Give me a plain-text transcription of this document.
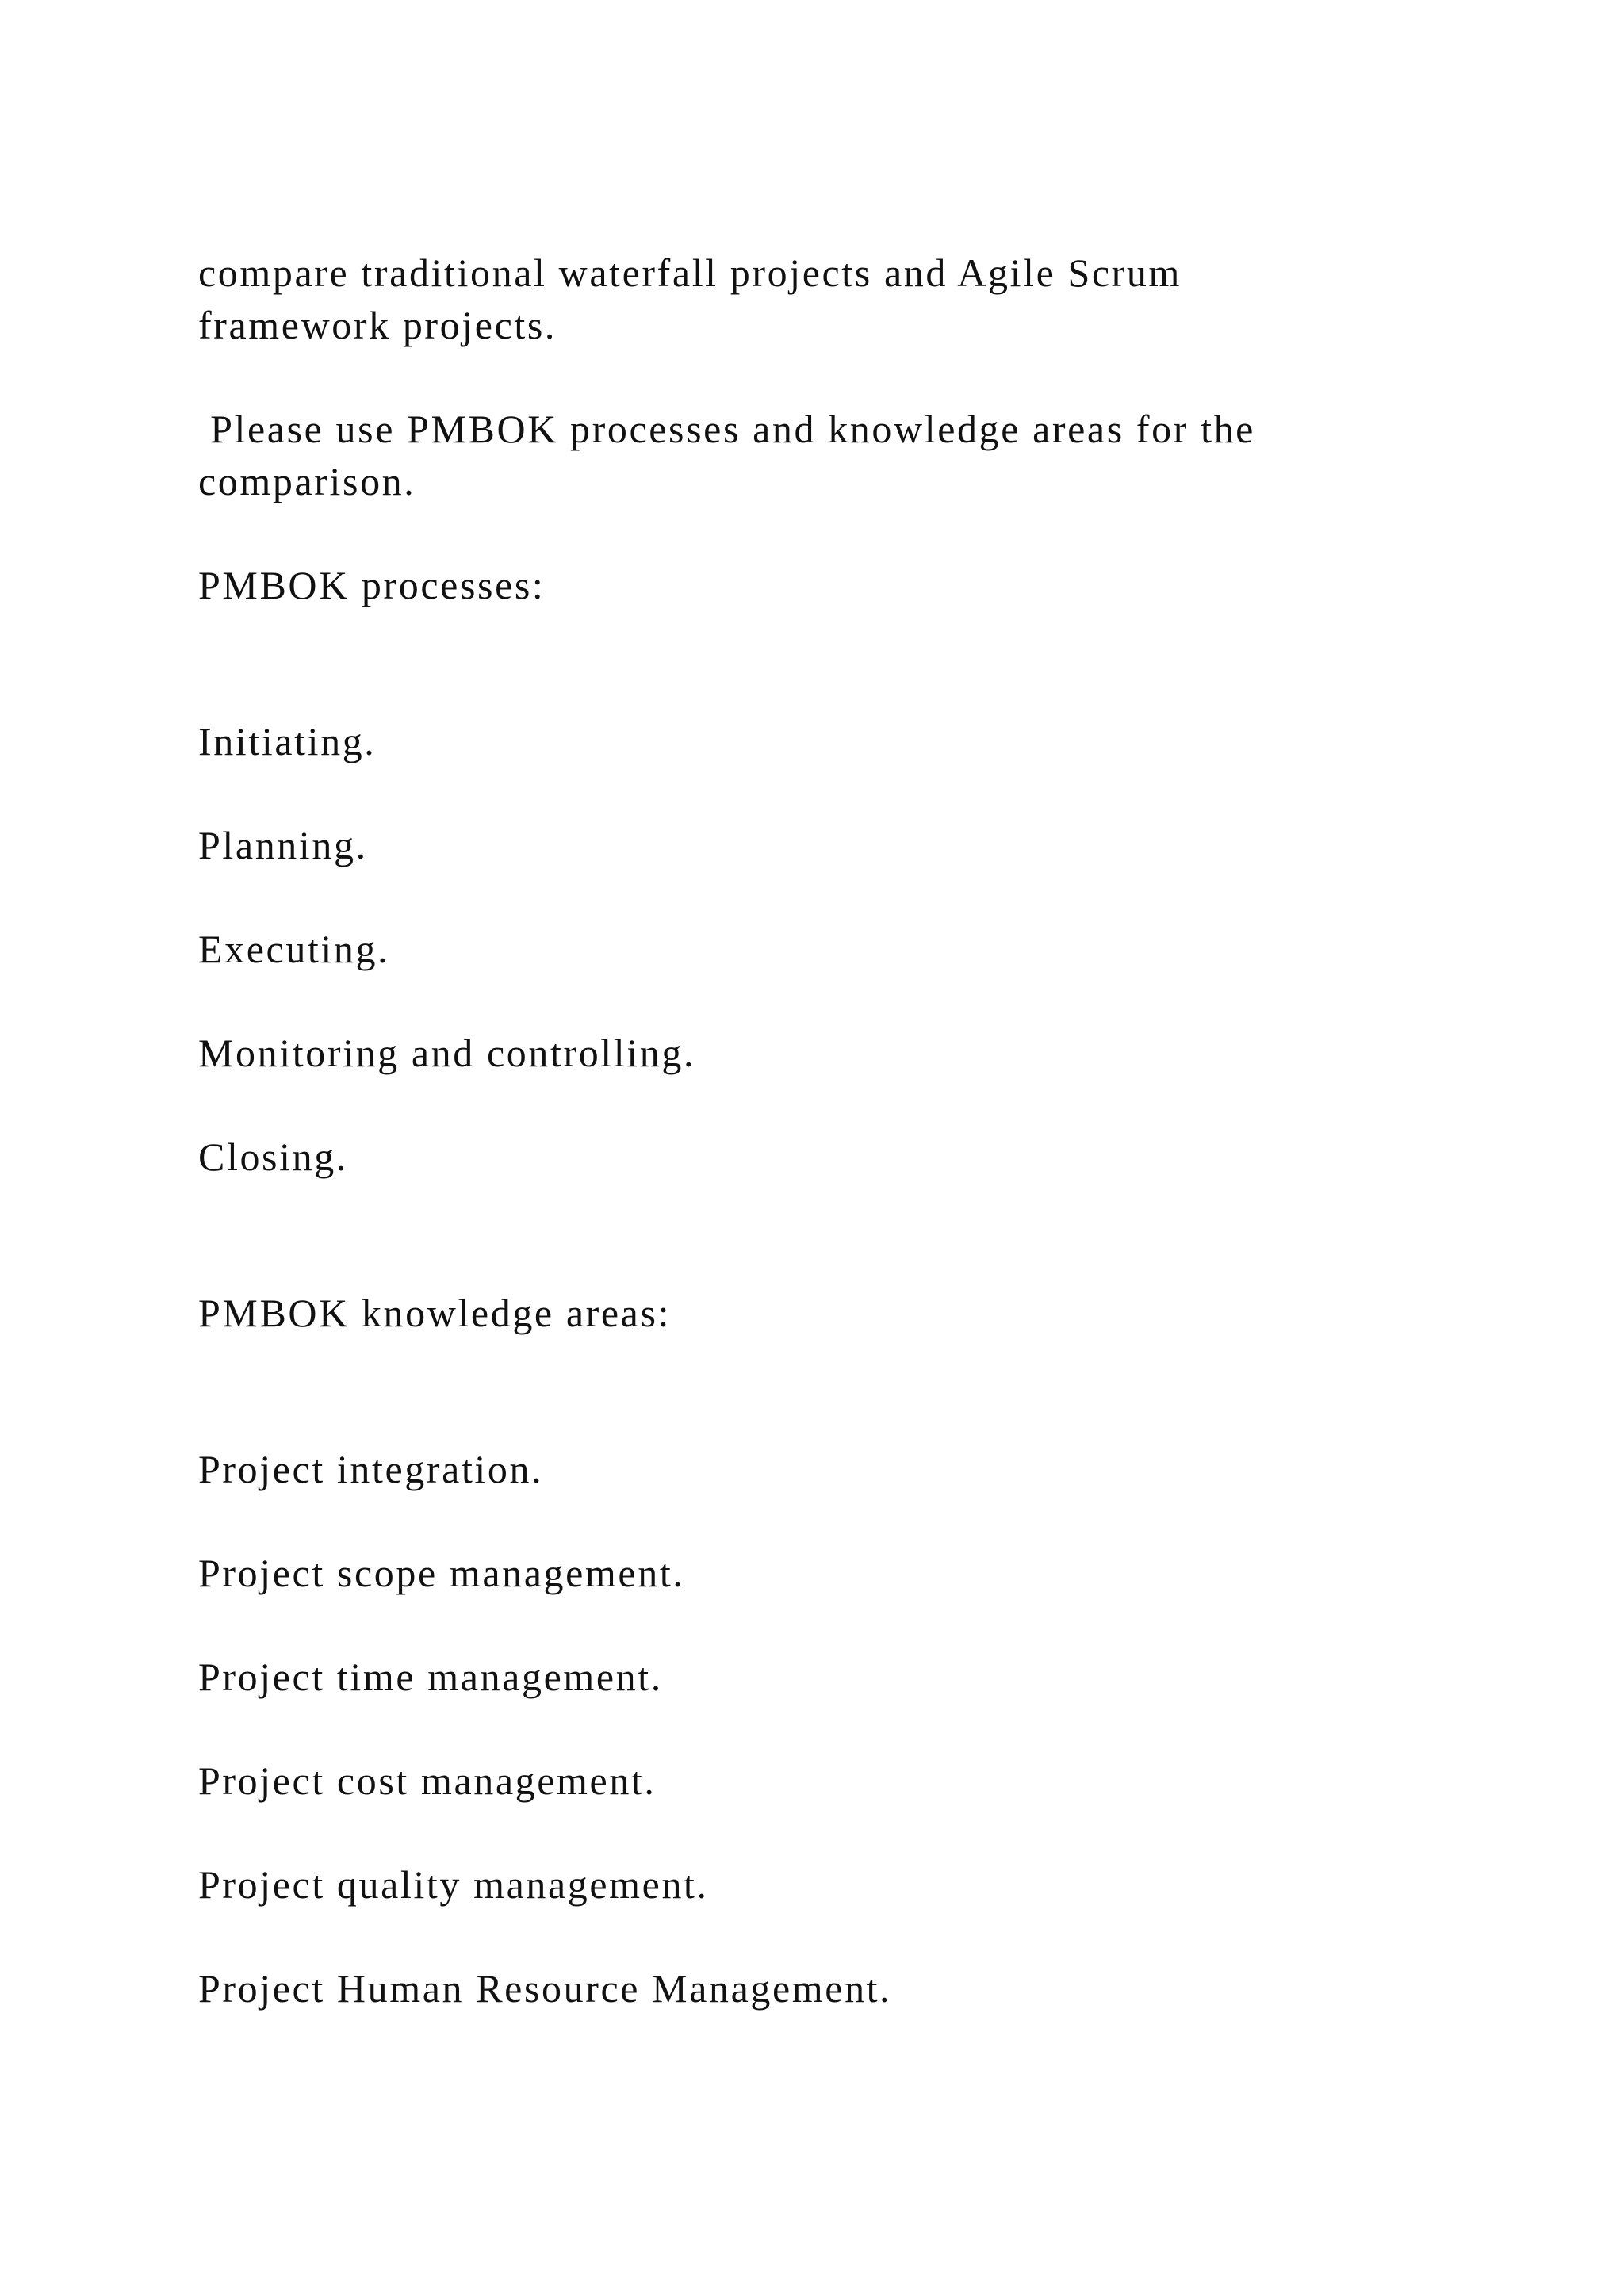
compare traditional waterfall projects and Agile Scrum

framework projects.

Please use PMBOK processes and knowledge areas for the

comparison.

PMBOK processes:

Initiating.

Planning.

Executing.

Monitoring and controlling.

Closing.

PMBOK knowledge areas:

Project integration.

Project scope management.

Project time management.

Project cost management.

Project quality management.

Project Human Resource Management.
